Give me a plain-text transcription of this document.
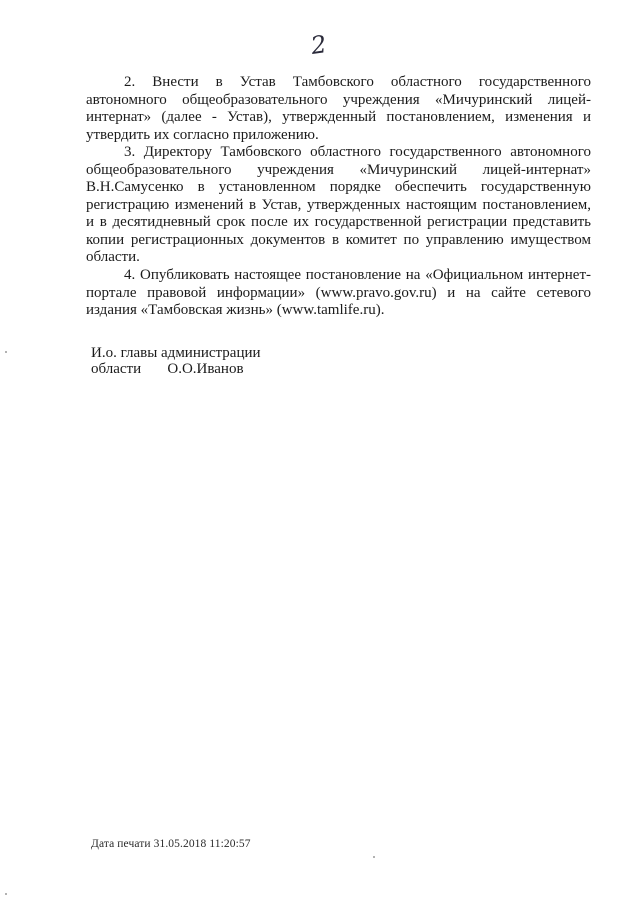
2

2. Внести в Устав Тамбовского областного государственного автономного общеобразовательного учреждения «Мичуринский лицей-интернат» (далее - Устав), утвержденный постановлением, изменения и утвердить их согласно приложению.

3. Директору Тамбовского областного государственного автономного общеобразовательного учреждения «Мичуринский лицей-интернат» В.Н.Самусенко в установленном порядке обеспечить государственную регистрацию изменений в Устав, утвержденных настоящим постановлением, и в десятидневный срок после их государственной регистрации представить копии регистрационных документов в комитет по управлению имуществом области.

4. Опубликовать настоящее постановление на «Официальном интернет-портале правовой информации» (www.pravo.gov.ru) и на сайте сетевого издания «Тамбовская жизнь» (www.tamlife.ru).

И.о. главы администрации
области       О.О.Иванов
Дата печати 31.05.2018 11:20:57
